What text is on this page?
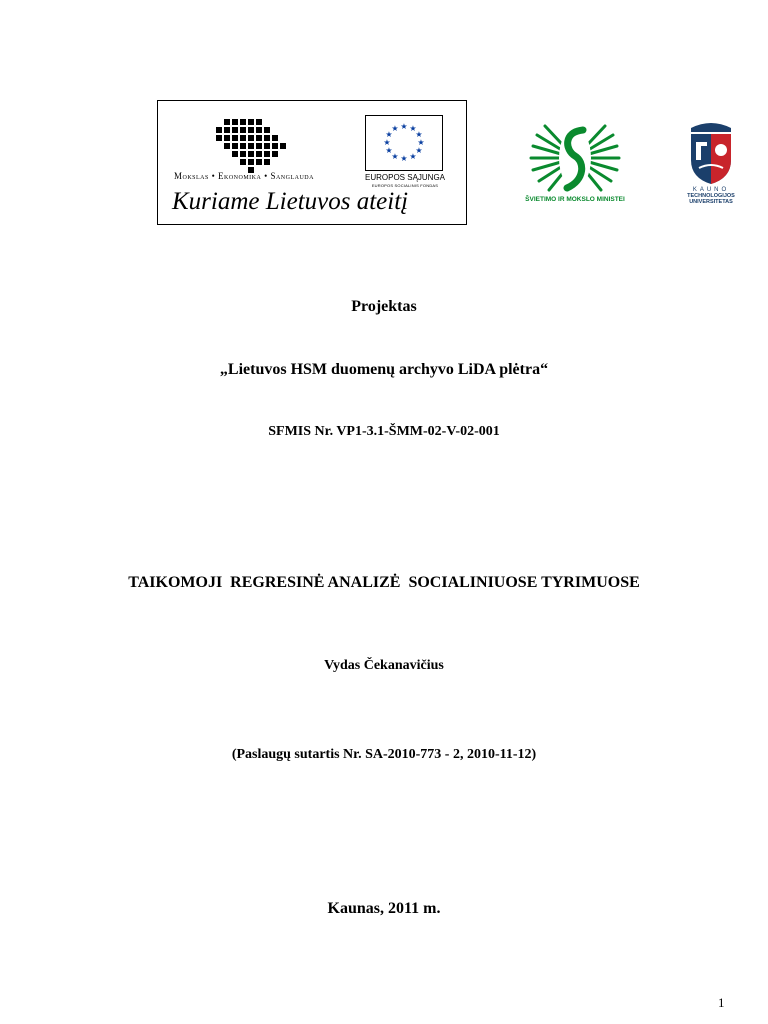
★ ★
★
★
★
★
★
★
★
★
★
★
EUROPOS SĄJUNGA
EUROPOS SOCIALINIS FONDAS
Mokslas • Ekonomika • Sanglauda
Kuriame Lietuvos ateitį	ŠVIETIMO IR MOKSLO MINISTEI
KAUNO
TECHNOLOGIJOS
UNIVERSITETAS
Projektas
„Lietuvos HSM duomenų archyvo LiDA plėtra“
SFMIS Nr. VP1-3.1-ŠMM-02-V-02-001
TAIKOMOJI  REGRESINĖ ANALIZĖ  SOCIALINIUOSE TYRIMUOSE
Vydas Čekanavičius
(Paslaugų sutartis Nr. SA-2010-773 - 2, 2010-11-12)
Kaunas, 2011 m.
1
